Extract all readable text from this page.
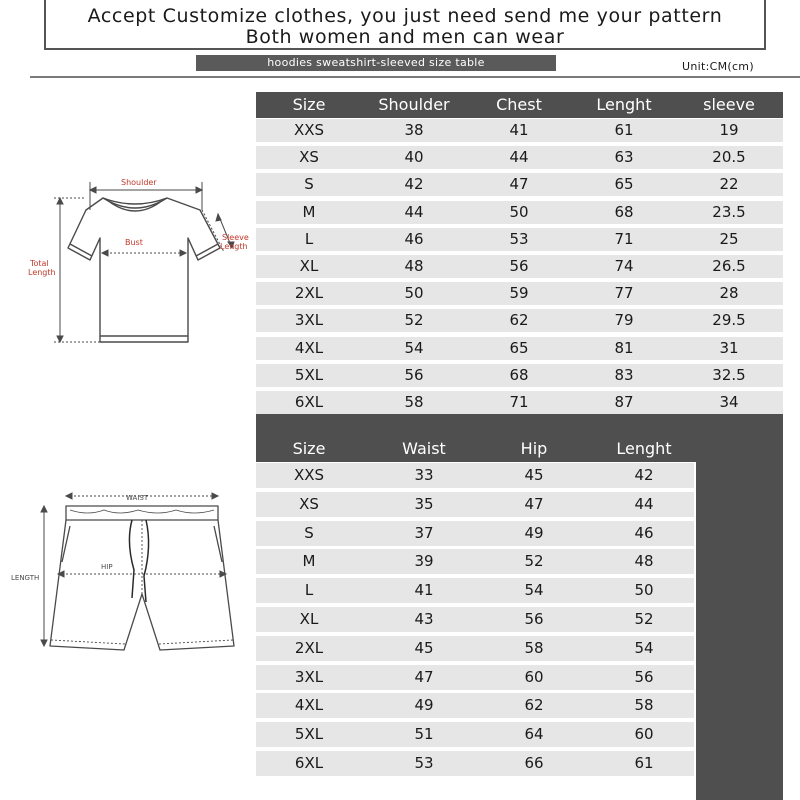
Accept Customize clothes, you just need send me your pattern
Both women and men can wear
hoodies sweatshirt-sleeved size table	Unit:CM(cm)
Shoulder
Bust
Sleeve
Length
Total
Length
WAIST
HIP
LENGTH
Size	Shoulder	Chest	Lenght	sleeve
XXS	38	41	61	19
XS	40	44	63	20.5
S	42	47	65	22
M	44	50	68	23.5
L	46	53	71	25
XL	48	56	74	26.5
2XL	50	59	77	28
3XL	52	62	79	29.5
4XL	54	65	81	31
5XL	56	68	83	32.5
6XL	58	71	87	34
Size	Waist	Hip	Lenght
XXS	33	45	42
XS	35	47	44
S	37	49	46
M	39	52	48
L	41	54	50
XL	43	56	52
2XL	45	58	54
3XL	47	60	56
4XL	49	62	58
5XL	51	64	60
6XL	53	66	61
